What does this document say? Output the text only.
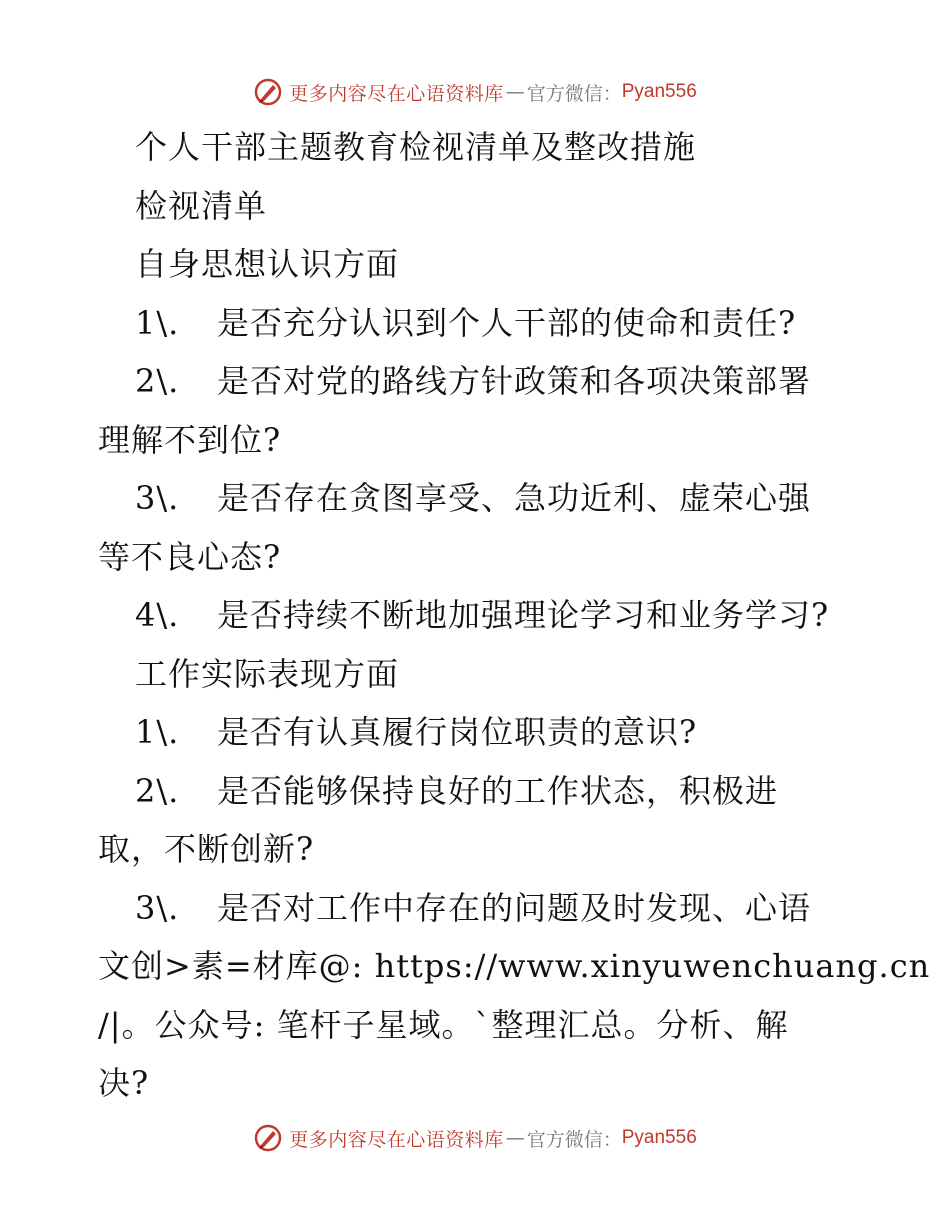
更多内容尽在心语资料库 — 官方微信： Pyan556
个人干部主题教育检视清单及整改措施
检视清单
自身思想认识方面
1\. 是否充分认识到个人干部的使命和责任?
2\. 是否对党的路线方针政策和各项决策部署
理解不到位?
3\. 是否存在贪图享受、急功近利、虚荣心强
等不良心态?
4\. 是否持续不断地加强理论学习和业务学习?
工作实际表现方面
1\. 是否有认真履行岗位职责的意识?
2\. 是否能够保持良好的工作状态，积极进
取，不断创新?
3\. 是否对工作中存在的问题及时发现、心语
文创>素=材库@: https://www.xinyuwenchuang.cn
/|。公众号: 笔杆子星域。`整理汇总。分析、解
决?
更多内容尽在心语资料库 — 官方微信： Pyan556
